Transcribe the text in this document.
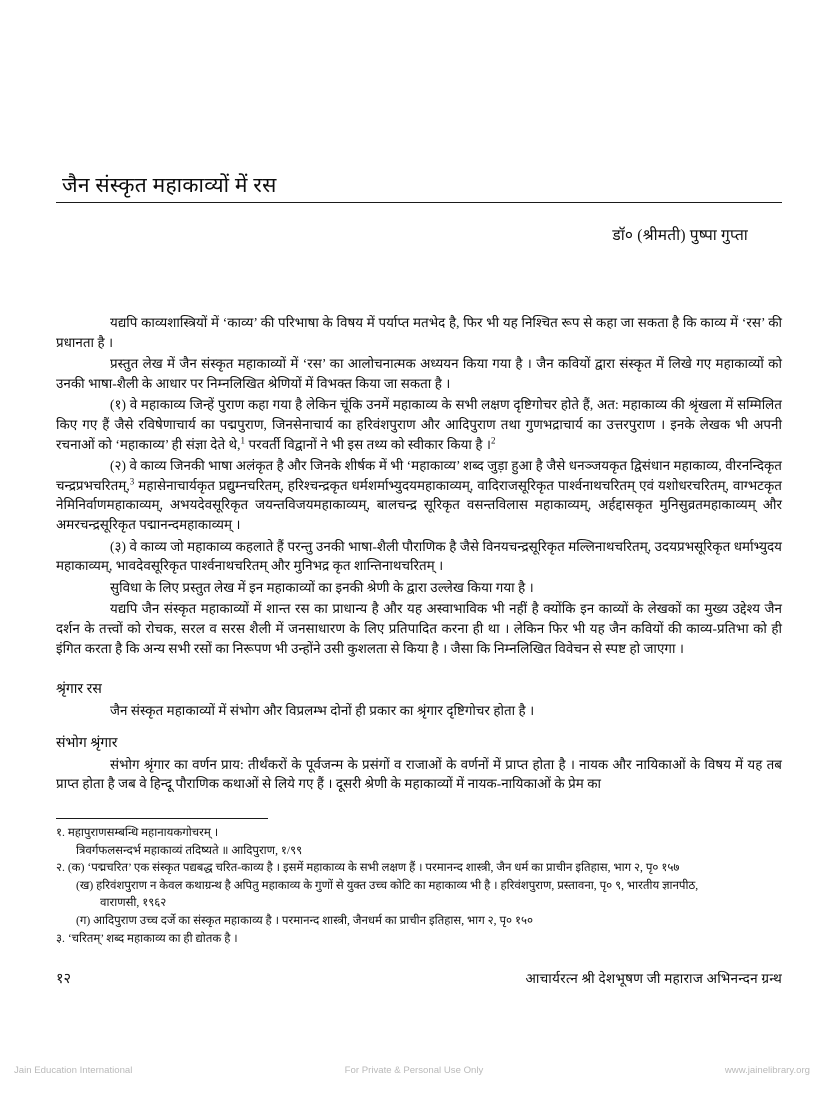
जैन संस्कृत महाकाव्यों में रस
डॉ० (श्रीमती) पुष्पा गुप्ता

यद्यपि काव्यशास्त्रियों में ‘काव्य’ की परिभाषा के विषय में पर्याप्त मतभेद है, फिर भी यह निश्चित रूप से कहा जा सकता है कि काव्य में ‘रस’ की प्रधानता है ।

प्रस्तुत लेख में जैन संस्कृत महाकाव्यों में ‘रस’ का आलोचनात्मक अध्ययन किया गया है । जैन कवियों द्वारा संस्कृत में लिखे गए महाकाव्यों को उनकी भाषा-शैली के आधार पर निम्नलिखित श्रेणियों में विभक्त किया जा सकता है ।

(१) वे महाकाव्य जिन्हें पुराण कहा गया है लेकिन चूंकि उनमें महाकाव्य के सभी लक्षण दृष्टिगोचर होते हैं, अत: महाकाव्य की श्रृंखला में सम्मिलित किए गए हैं जैसे रविषेणाचार्य का पद्मपुराण, जिनसेनाचार्य का हरिवंशपुराण और आदिपुराण तथा गुणभद्राचार्य का उत्तरपुराण । इनके लेखक भी अपनी रचनाओं को ‘महाकाव्य’ ही संज्ञा देते थे,$^1$ परवर्ती विद्वानों ने भी इस तथ्य को स्वीकार किया है ।$^2$

(२) वे काव्य जिनकी भाषा अलंकृत है और जिनके शीर्षक में भी ‘महाकाव्य’ शब्द जुड़ा हुआ है जैसे धनञ्जयकृत द्विसंधान महाकाव्य, वीरनन्दिकृत चन्द्रप्रभचरितम्,$^3$ महासेनाचार्यकृत प्रद्युम्नचरितम्, हरिश्चन्द्रकृत धर्मशर्माभ्युदयमहाकाव्यम्, वादिराजसूरिकृत पार्श्वनाथचरितम् एवं यशोधरचरितम्, वाग्भटकृत नेमिनिर्वाणमहाकाव्यम्, अभयदेवसूरिकृत जयन्तविजयमहाकाव्यम्, बालचन्द्र सूरिकृत वसन्तविलास महाकाव्यम्, अर्हद्दासकृत मुनिसुव्रतमहाकाव्यम् और अमरचन्द्रसूरिकृत पद्मानन्दमहाकाव्यम् ।

(३) वे काव्य जो महाकाव्य कहलाते हैं परन्तु उनकी भाषा-शैली पौराणिक है जैसे विनयचन्द्रसूरिकृत मल्लिनाथचरितम्, उदयप्रभसूरिकृत धर्माभ्युदय महाकाव्यम्, भावदेवसूरिकृत पार्श्वनाथचरितम् और मुनिभद्र कृत शान्तिनाथचरितम् ।

सुविधा के लिए प्रस्तुत लेख में इन महाकाव्यों का इनकी श्रेणी के द्वारा उल्लेख किया गया है ।

यद्यपि जैन संस्कृत महाकाव्यों में शान्त रस का प्राधान्य है और यह अस्वाभाविक भी नहीं है क्योंकि इन काव्यों के लेखकों का मुख्य उद्देश्य जैन दर्शन के तत्त्वों को रोचक, सरल व सरस शैली में जनसाधारण के लिए प्रतिपादित करना ही था । लेकिन फिर भी यह जैन कवियों की काव्य-प्रतिभा को ही इंगित करता है कि अन्य सभी रसों का निरूपण भी उन्होंने उसी कुशलता से किया है । जैसा कि निम्नलिखित विवेचन से स्पष्ट हो जाएगा ।

श्रृंगार रस

जैन संस्कृत महाकाव्यों में संभोग और विप्रलम्भ दोनों ही प्रकार का श्रृंगार दृष्टिगोचर होता है ।

संभोग श्रृंगार

संभोग श्रृंगार का वर्णन प्राय: तीर्थंकरों के पूर्वजन्म के प्रसंगों व राजाओं के वर्णनों में प्राप्त होता है । नायक और नायिकाओं के विषय में यह तब प्राप्त होता है जब वे हिन्दू पौराणिक कथाओं से लिये गए हैं । दूसरी श्रेणी के महाकाव्यों में नायक-नायिकाओं के प्रेम का

१. महापुराणसम्बन्धि महानायकगोचरम् ।

त्रिवर्गफलसन्दर्भ महाकाव्यं तदिष्यते ॥ आदिपुराण, १/९९

२. (क) ‘पद्मचरित’ एक संस्कृत पद्यबद्ध चरित-काव्य है । इसमें महाकाव्य के सभी लक्षण हैं । परमानन्द शास्त्री, जैन धर्म का प्राचीन इतिहास, भाग २, पृ० १५७

(ख) हरिवंशपुराण न केवल कथाग्रन्थ है अपितु महाकाव्य के गुणों से युक्त उच्च कोटि का महाकाव्य भी है । हरिवंशपुराण, प्रस्तावना, पृ० ९, भारतीय ज्ञानपीठ,

वाराणसी, १९६२

(ग) आदिपुराण उच्च दर्जे का संस्कृत महाकाव्य है । परमानन्द शास्त्री, जैनधर्म का प्राचीन इतिहास, भाग २, पृ० १५०

३. ‘चरितम्’ शब्द महाकाव्य का ही द्योतक है ।

१२	आचार्यरत्न श्री देशभूषण जी महाराज अभिनन्दन ग्रन्थ
Jain Education International	For Private & Personal Use Only	www.jainelibrary.org
